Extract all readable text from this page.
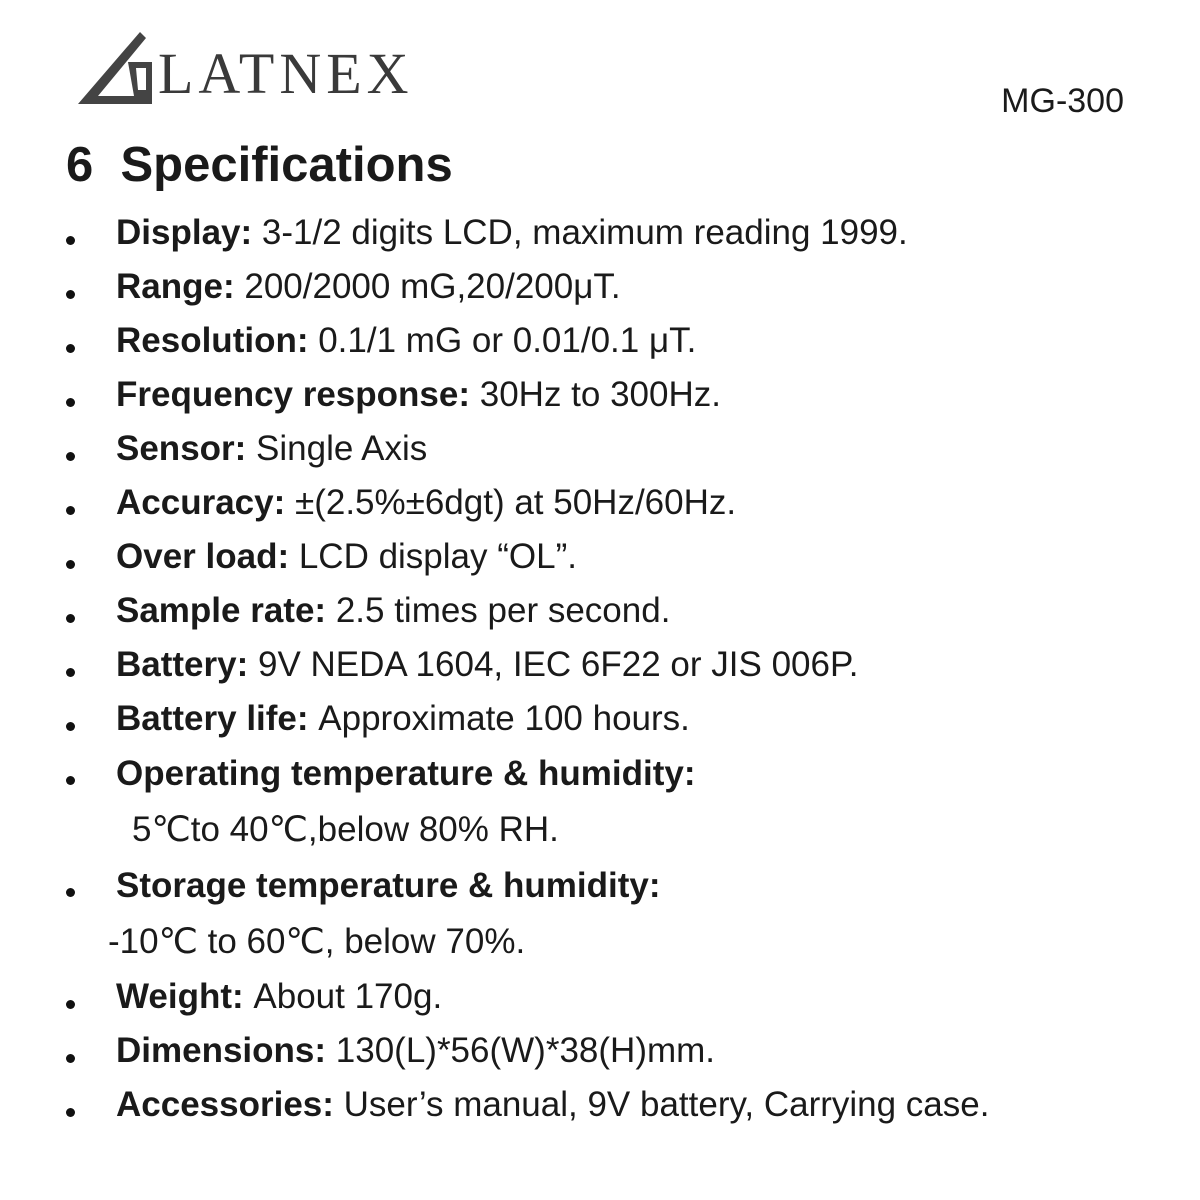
LATNEX	MG-300
6 Specifications
Display: 3-1/2 digits LCD, maximum reading 1999.
Range: 200/2000 mG,20/200μT.
Resolution: 0.1/1 mG or 0.01/0.1 μT.
Frequency response: 30Hz to 300Hz.
Sensor: Single Axis
Accuracy: ±(2.5%±6dgt) at 50Hz/60Hz.
Over load: LCD display “OL”.
Sample rate: 2.5 times per second.
Battery: 9V NEDA 1604, IEC 6F22 or JIS 006P.
Battery life: Approximate 100 hours.
Operating temperature & humidity:
5℃to 40℃,below 80% RH.
Storage temperature & humidity:
-10℃ to 60℃, below 70%.
Weight: About 170g.
Dimensions: 130(L)*56(W)*38(H)mm.
Accessories: User’s manual, 9V battery, Carrying case.
